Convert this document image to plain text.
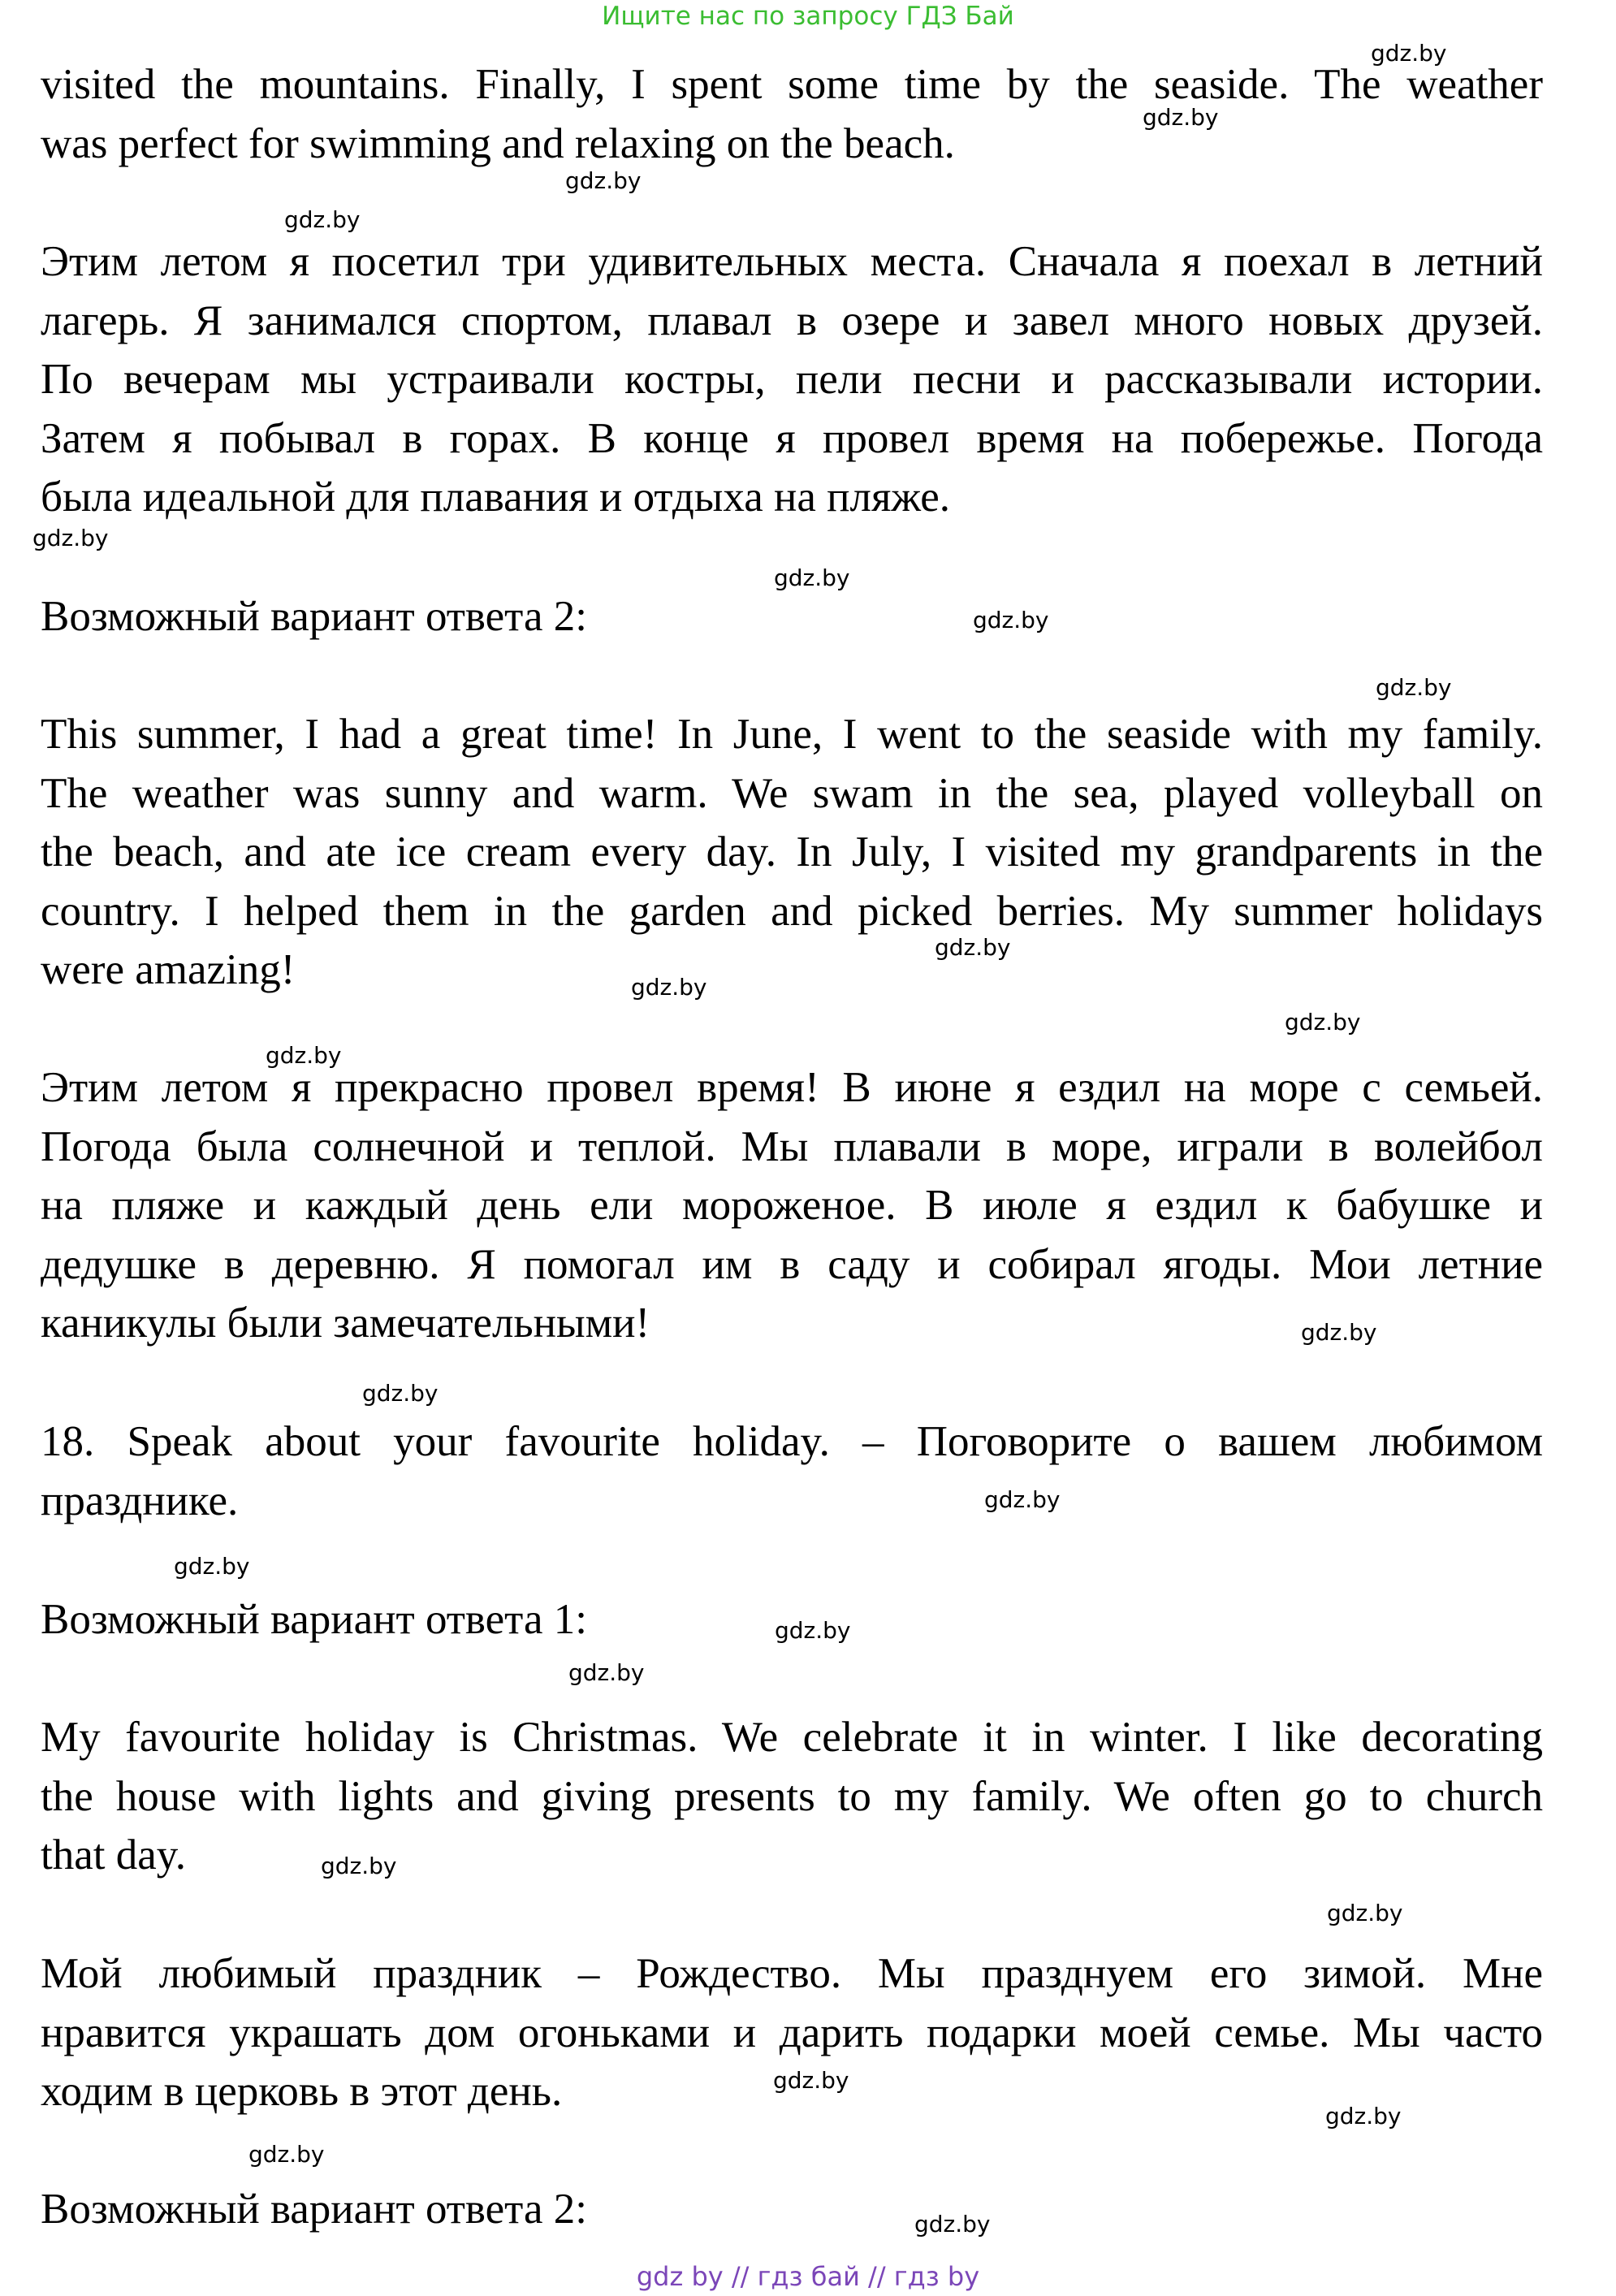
Ищите нас по запросу ГДЗ Бай
visited the mountains. Finally, I spent some time by the seaside. The weather
was perfect for swimming and relaxing on the beach.
Этим летом я посетил три удивительных места. Сначала я поехал в летний
лагерь. Я занимался спортом, плавал в озере и завел много новых друзей.
По вечерам мы устраивали костры, пели песни и рассказывали истории.
Затем я побывал в горах. В конце я провел время на побережье. Погода
была идеальной для плавания и отдыха на пляже.
Возможный вариант ответа 2:
This summer, I had a great time! In June, I went to the seaside with my family.
The weather was sunny and warm. We swam in the sea, played volleyball on
the beach, and ate ice cream every day. In July, I visited my grandparents in the
country. I helped them in the garden and picked berries. My summer holidays
were amazing!
Этим летом я прекрасно провел время! В июне я ездил на море с семьей.
Погода была солнечной и теплой. Мы плавали в море, играли в волейбол
на пляже и каждый день ели мороженое. В июле я ездил к бабушке и
дедушке в деревню. Я помогал им в саду и собирал ягоды. Мои летние
каникулы были замечательными!
18. Speak about your favourite holiday. – Поговорите о вашем любимом
празднике.
Возможный вариант ответа 1:
My favourite holiday is Christmas. We celebrate it in winter. I like decorating
the house with lights and giving presents to my family. We often go to church
that day.
Мой любимый праздник – Рождество. Мы празднуем его зимой. Мне
нравится украшать дом огоньками и дарить подарки моей семье. Мы часто
ходим в церковь в этот день.
Возможный вариант ответа 2:
gdz.by
gdz.by
gdz.by
gdz.by
gdz.by
gdz.by
gdz.by
gdz.by
gdz.by
gdz.by
gdz.by
gdz.by
gdz.by
gdz.by
gdz.by
gdz.by
gdz.by
gdz.by
gdz.by
gdz.by
gdz.by
gdz.by
gdz.by
gdz.by
gdz by // гдз бай // гдз by
